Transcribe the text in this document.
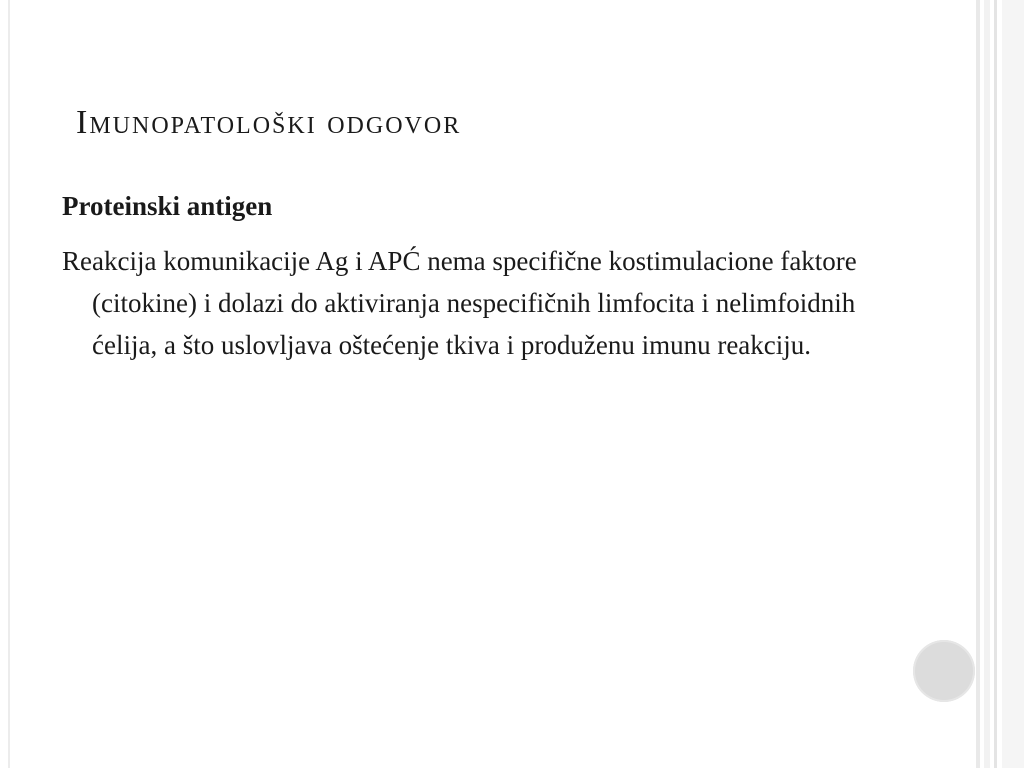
Imunopatološki odgovor

Proteinski antigen

Reakcija komunikacije Ag i APĆ nema specifične kostimulacione faktore (citokine) i dolazi do aktiviranja nespecifičnih limfocita i nelimfoidnih ćelija, a što uslovljava oštećenje tkiva i produženu imunu reakciju.
